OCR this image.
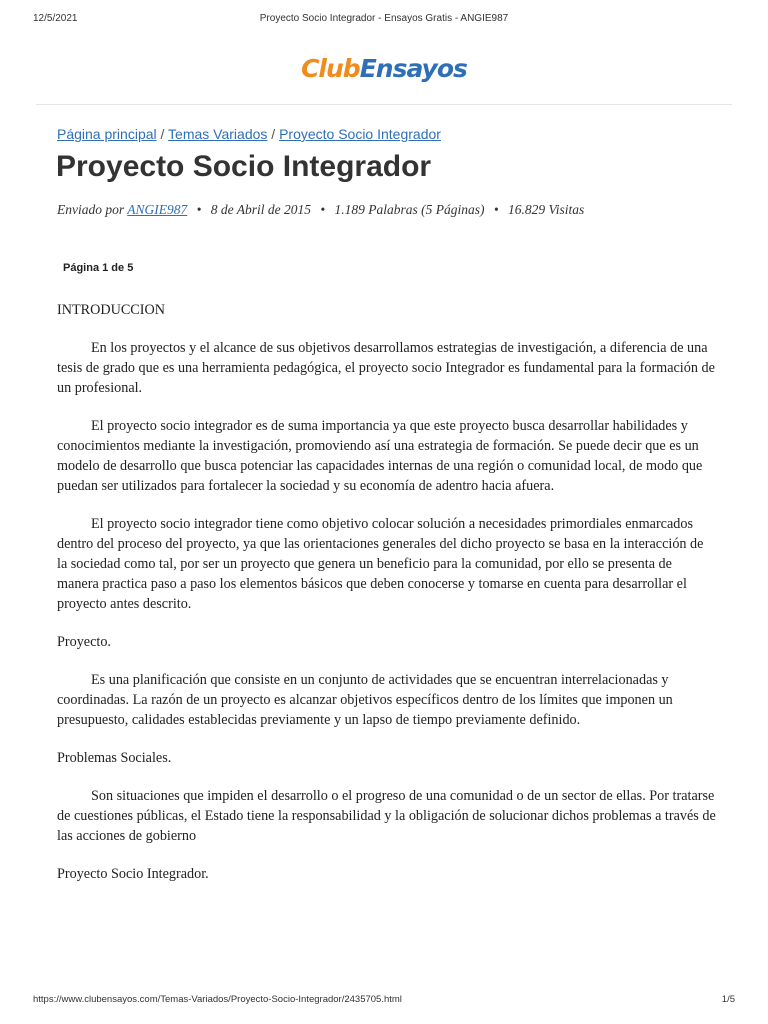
12/5/2021	Proyecto Socio Integrador - Ensayos Gratis - ANGIE987
ClubEnsayos
Página principal / Temas Variados / Proyecto Socio Integrador
Proyecto Socio Integrador
Enviado por ANGIE987 • 8 de Abril de 2015 • 1.189 Palabras (5 Páginas) • 16.829 Visitas
Página 1 de 5

INTRODUCCION

En los proyectos y el alcance de sus objetivos desarrollamos estrategias de investigación, a diferencia de una tesis de grado que es una herramienta pedagógica, el proyecto socio Integrador es fundamental para la formación de un profesional.

El proyecto socio integrador es de suma importancia ya que este proyecto busca desarrollar habilidades y conocimientos mediante la investigación, promoviendo así una estrategia de formación. Se puede decir que es un modelo de desarrollo que busca potenciar las capacidades internas de una región o comunidad local, de modo que puedan ser utilizados para fortalecer la sociedad y su economía de adentro hacia afuera.

El proyecto socio integrador tiene como objetivo colocar solución a necesidades primordiales enmarcados dentro del proceso del proyecto, ya que las orientaciones generales del dicho proyecto se basa en la interacción de la sociedad como tal, por ser un proyecto que genera un beneficio para la comunidad, por ello se presenta de manera practica paso a paso los elementos básicos que deben conocerse y tomarse en cuenta para desarrollar el proyecto antes descrito.

Proyecto.

Es una planificación que consiste en un conjunto de actividades que se encuentran interrelacionadas y coordinadas. La razón de un proyecto es alcanzar objetivos específicos dentro de los límites que imponen un presupuesto, calidades establecidas previamente y un lapso de tiempo previamente definido.

Problemas Sociales.

Son situaciones que impiden el desarrollo o el progreso de una comunidad o de un sector de ellas. Por tratarse de cuestiones públicas, el Estado tiene la responsabilidad y la obligación de solucionar dichos problemas a través de las acciones de gobierno

Proyecto Socio Integrador.

https://www.clubensayos.com/Temas-Variados/Proyecto-Socio-Integrador/2435705.html	1/5
